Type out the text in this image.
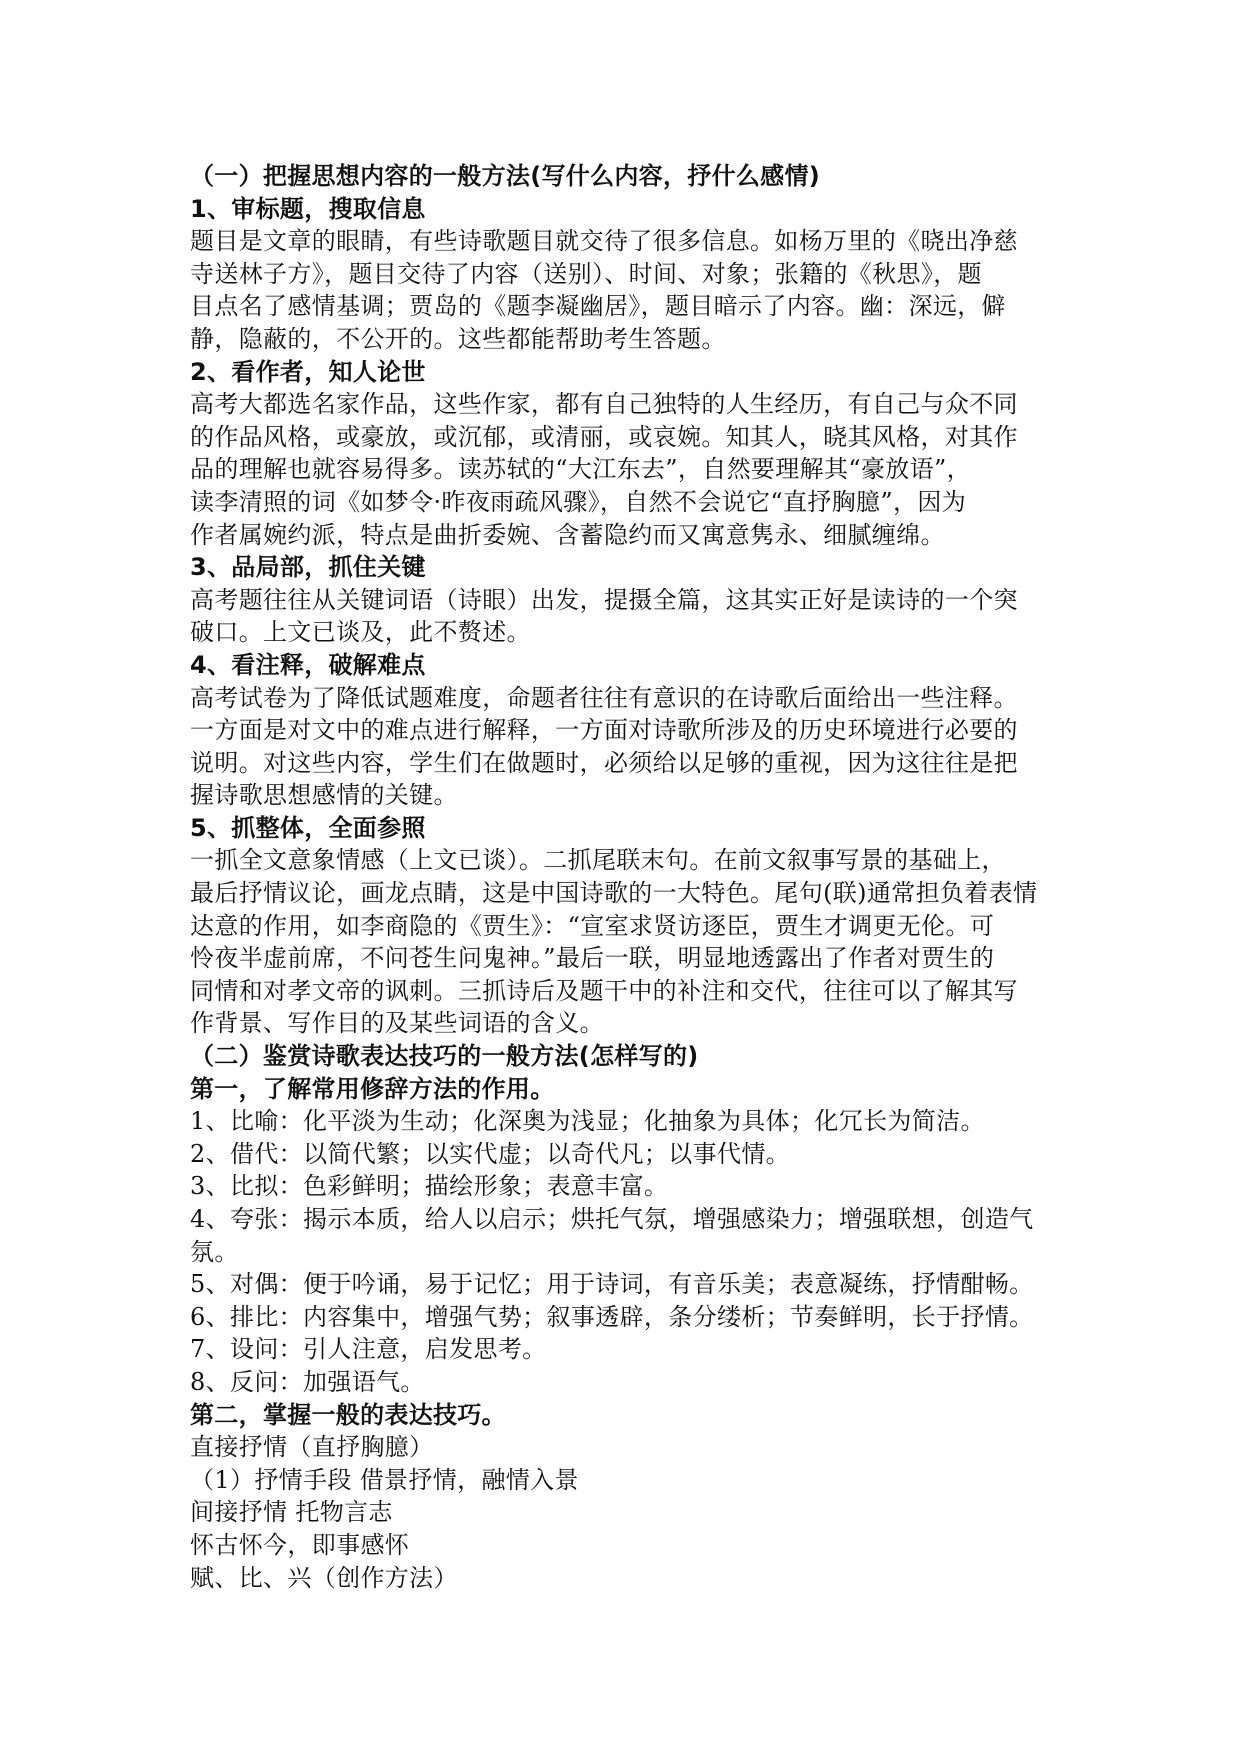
（一）把握思想内容的一般方法(写什么内容，抒什么感情)
1、审标题，搜取信息
题目是文章的眼睛，有些诗歌题目就交待了很多信息。如杨万里的《晓出净慈
寺送林子方》，题目交待了内容（送别）、时间、对象；张籍的《秋思》，题
目点名了感情基调；贾岛的《题李凝幽居》，题目暗示了内容。幽：深远，僻
静，隐蔽的，不公开的。这些都能帮助考生答题。
2、看作者，知人论世
高考大都选名家作品，这些作家，都有自己独特的人生经历，有自己与众不同
的作品风格，或豪放，或沉郁，或清丽，或哀婉。知其人，晓其风格，对其作
品的理解也就容易得多。读苏轼的“大江东去”，自然要理解其“豪放语”，
读李清照的词《如梦令·昨夜雨疏风骤》，自然不会说它“直抒胸臆”，因为
作者属婉约派，特点是曲折委婉、含蓄隐约而又寓意隽永、细腻缠绵。
3、品局部，抓住关键
高考题往往从关键词语（诗眼）出发，提摄全篇，这其实正好是读诗的一个突
破口。上文已谈及，此不赘述。
4、看注释，破解难点
高考试卷为了降低试题难度，命题者往往有意识的在诗歌后面给出一些注释。
一方面是对文中的难点进行解释，一方面对诗歌所涉及的历史环境进行必要的
说明。对这些内容，学生们在做题时，必须给以足够的重视，因为这往往是把
握诗歌思想感情的关键。
5、抓整体，全面参照
一抓全文意象情感（上文已谈）。二抓尾联末句。在前文叙事写景的基础上，
最后抒情议论，画龙点睛，这是中国诗歌的一大特色。尾句(联)通常担负着表情
达意的作用，如李商隐的《贾生》：“宣室求贤访逐臣，贾生才调更无伦。可
怜夜半虚前席，不问苍生问鬼神。”最后一联，明显地透露出了作者对贾生的
同情和对孝文帝的讽刺。三抓诗后及题干中的补注和交代，往往可以了解其写
作背景、写作目的及某些词语的含义。
（二）鉴赏诗歌表达技巧的一般方法(怎样写的)
第一，了解常用修辞方法的作用。
1、比喻：化平淡为生动；化深奥为浅显；化抽象为具体；化冗长为简洁。
2、借代：以简代繁；以实代虚；以奇代凡；以事代情。
3、比拟：色彩鲜明；描绘形象；表意丰富。
4、夸张：揭示本质，给人以启示；烘托气氛，增强感染力；增强联想，创造气
氛。
5、对偶：便于吟诵，易于记忆；用于诗词，有音乐美；表意凝练，抒情酣畅。
6、排比：内容集中，增强气势；叙事透辟，条分缕析；节奏鲜明，长于抒情。
7、设问：引人注意，启发思考。
8、反问：加强语气。
第二，掌握一般的表达技巧。
直接抒情（直抒胸臆）
（1）抒情手段 借景抒情，融情入景
间接抒情 托物言志
怀古怀今，即事感怀
赋、比、兴（创作方法）
